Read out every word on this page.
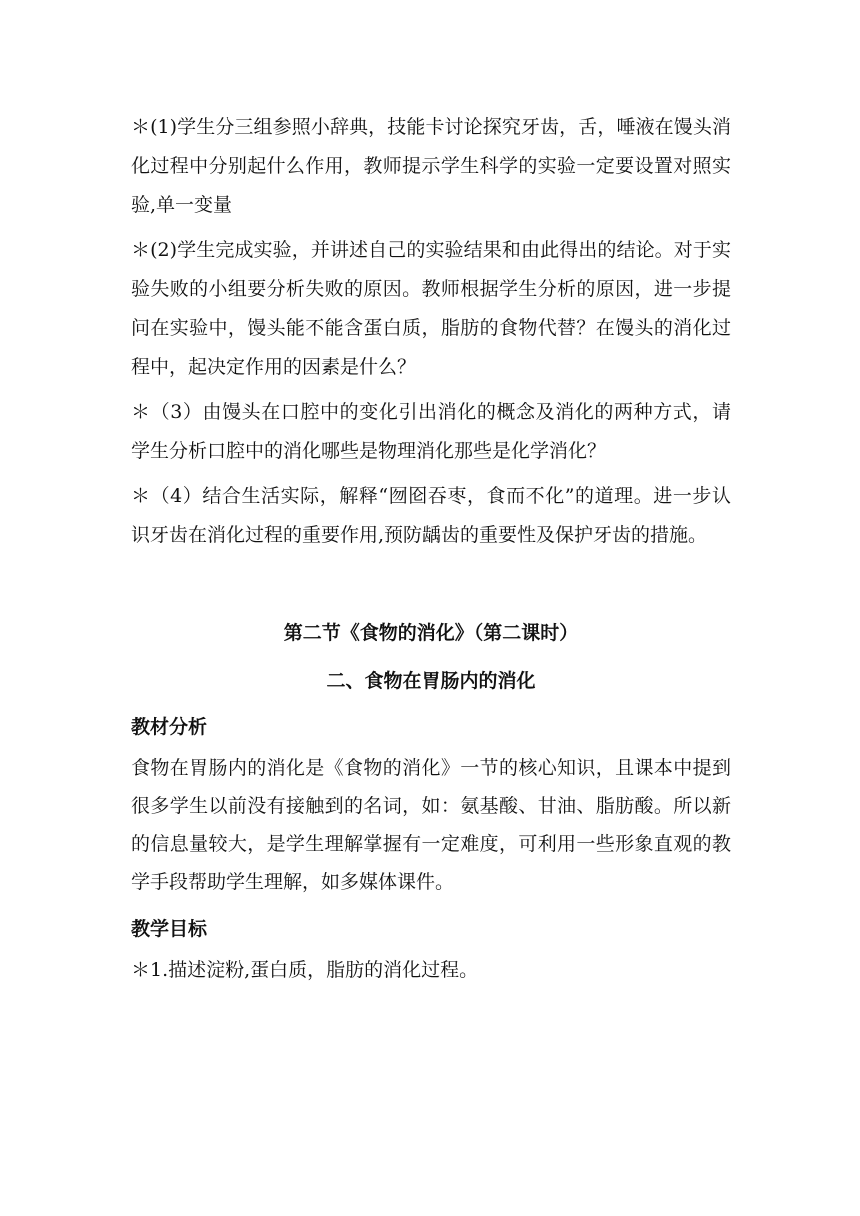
＊(1)学生分三组参照小辞典，技能卡讨论探究牙齿，舌，唾液在馒头消化过程中分别起什么作用，教师提示学生科学的实验一定要设置对照实验,单一变量

＊(2)学生完成实验，并讲述自己的实验结果和由此得出的结论。对于实验失败的小组要分析失败的原因。教师根据学生分析的原因，进一步提问在实验中，馒头能不能含蛋白质，脂肪的食物代替？在馒头的消化过程中，起决定作用的因素是什么？

＊（3）由馒头在口腔中的变化引出消化的概念及消化的两种方式，请学生分析口腔中的消化哪些是物理消化那些是化学消化？

＊（4）结合生活实际，解释“囫囵吞枣，食而不化”的道理。进一步认识牙齿在消化过程的重要作用,预防龋齿的重要性及保护牙齿的措施。

第二节《食物的消化》（第二课时）

二、食物在胃肠内的消化

教材分析

食物在胃肠内的消化是《食物的消化》一节的核心知识，且课本中提到很多学生以前没有接触到的名词，如：氨基酸、甘油、脂肪酸。所以新的信息量较大，是学生理解掌握有一定难度，可利用一些形象直观的教学手段帮助学生理解，如多媒体课件。

教学目标

＊1.描述淀粉,蛋白质，脂肪的消化过程。
